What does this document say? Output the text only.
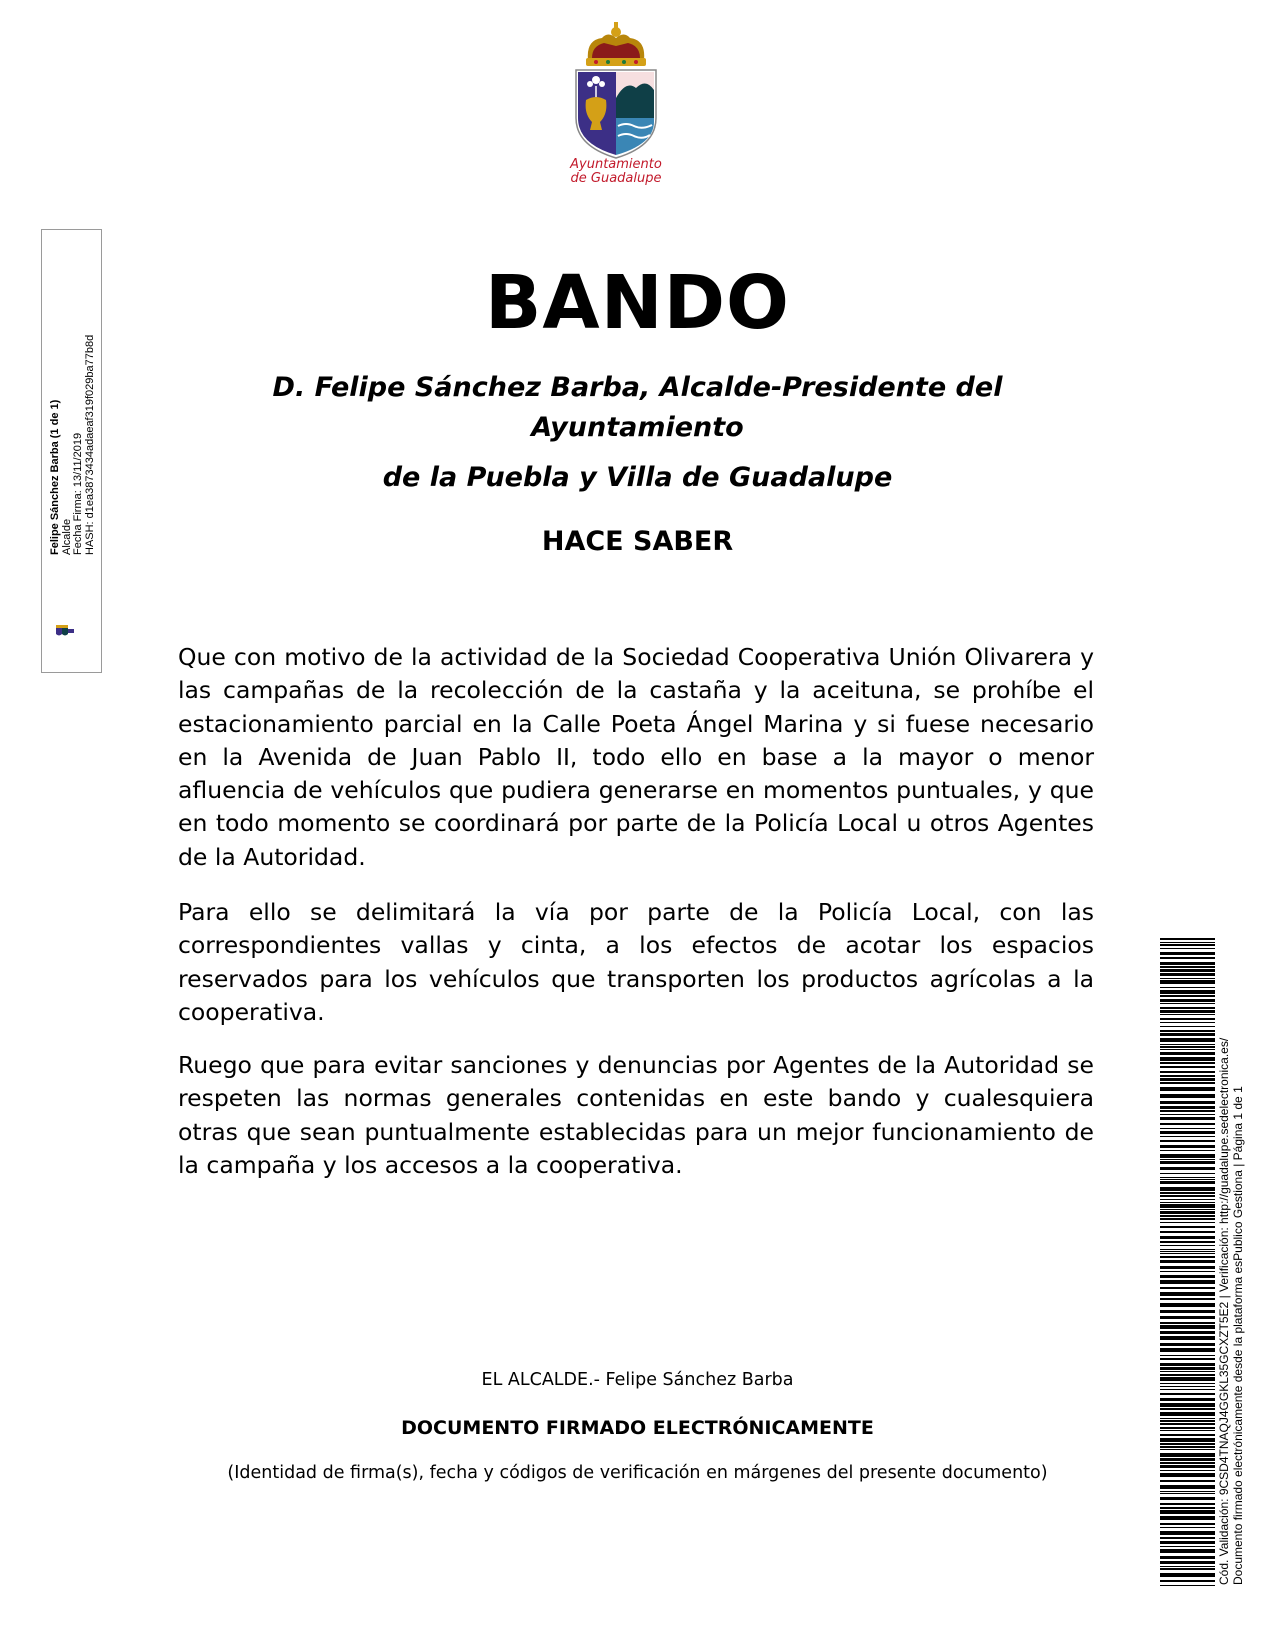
Ayuntamiento
de Guadalupe
Felipe Sánchez Barba (1 de 1) Alcalde Fecha Firma: 13/11/2019 HASH: d1ea3873434adaeaf319f029ba77b8d
BANDO
D. Felipe Sánchez Barba, Alcalde-Presidente del Ayuntamiento
de la Puebla y Villa de Guadalupe
HACE SABER

Que con motivo de la actividad de la Sociedad Cooperativa Unión Olivarera y las campañas de la recolección de la castaña y la aceituna, se prohíbe el estacionamiento parcial en la Calle Poeta Ángel Marina y si fuese necesario en la Avenida de Juan Pablo II, todo ello en base a la mayor o menor afluencia de vehículos que pudiera generarse en momentos puntuales, y que en todo momento se coordinará por parte de la Policía Local u otros Agentes de la Autoridad.

Para ello se delimitará la vía por parte de la Policía Local, con las correspondientes vallas y cinta, a los efectos de acotar los espacios reservados para los vehículos que transporten los productos agrícolas a la cooperativa.

Ruego que para evitar sanciones y denuncias por Agentes de la Autoridad se respeten las normas generales contenidas en este bando y cualesquiera otras que sean puntualmente establecidas para un mejor funcionamiento de la campaña y los accesos a la cooperativa.

EL ALCALDE.- Felipe Sánchez Barba
DOCUMENTO FIRMADO ELECTRÓNICAMENTE
(Identidad de firma(s), fecha y códigos de verificación en márgenes del presente documento)	Cód. Validación: 9CSD4TNAQJ4GGKL35GCXZT5E2 | Verificación: http://guadalupe.sedelectronica.es/ Documento firmado electrónicamente desde la plataforma esPublico Gestiona | Página 1 de 1
